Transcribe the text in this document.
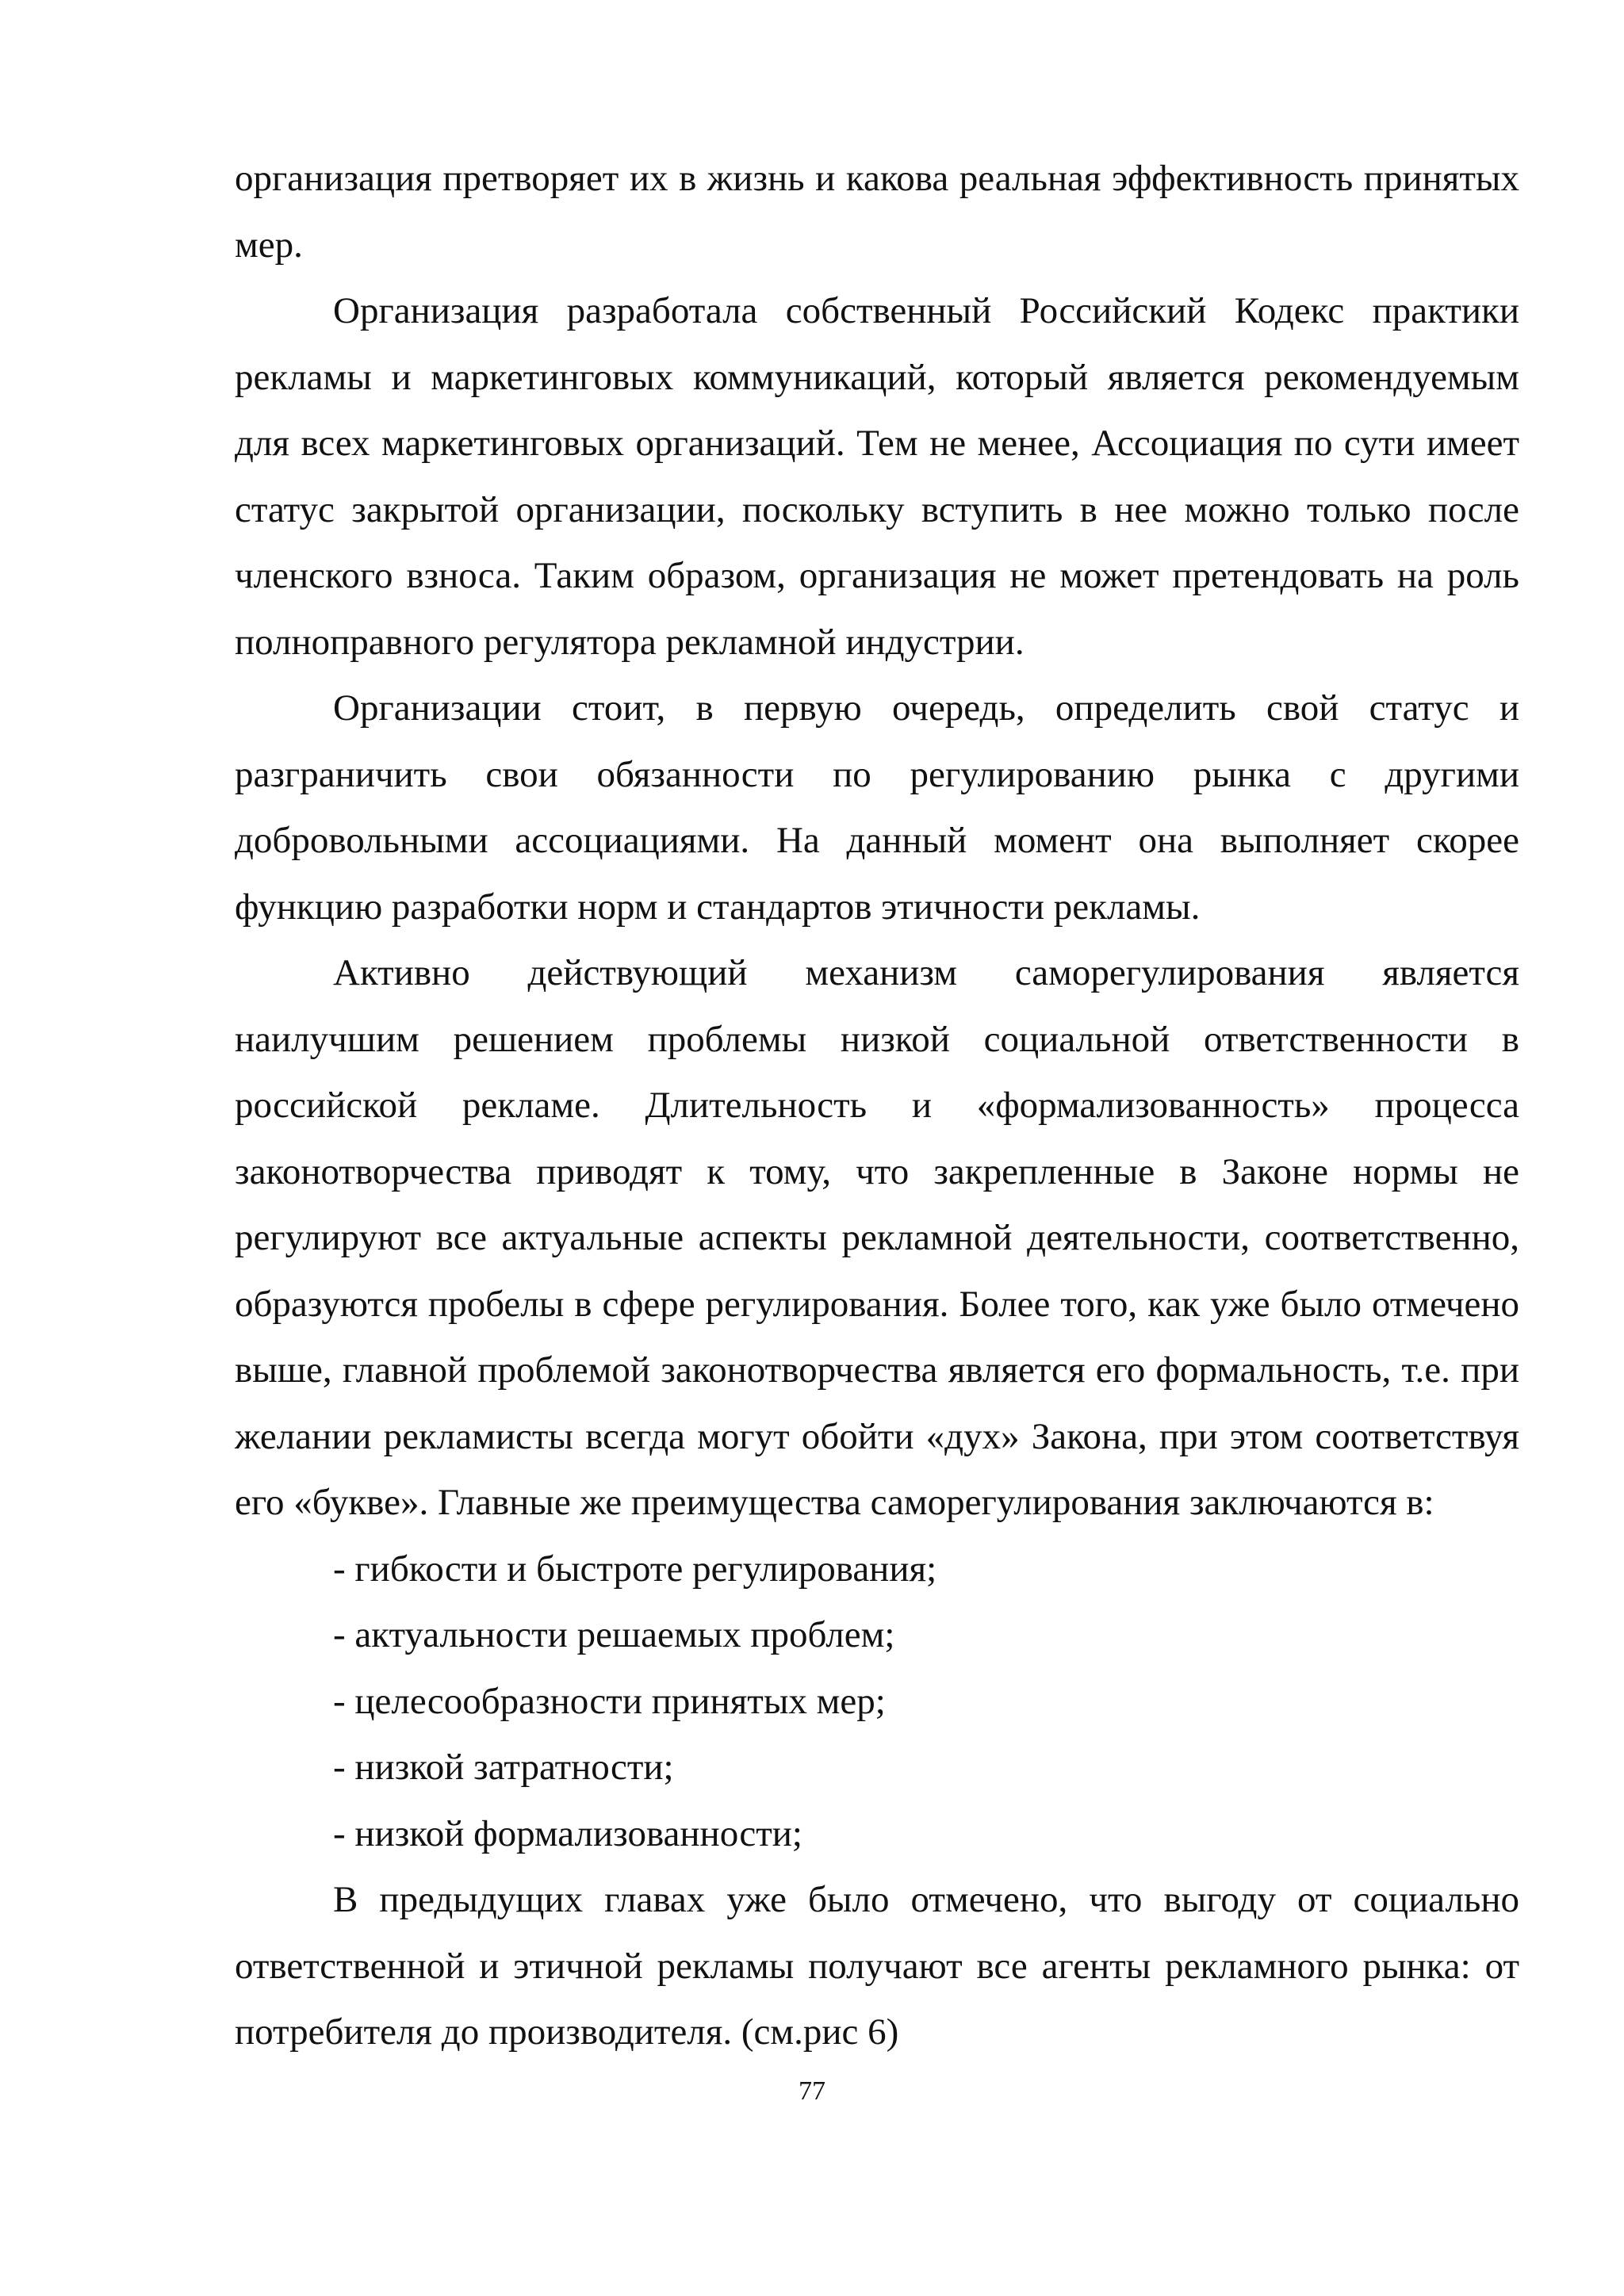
организация претворяет их в жизнь и какова реальная эффективность принятых мер.

Организация разработала собственный Российский Кодекс практики рекламы и маркетинговых коммуникаций, который является рекомендуемым для всех маркетинговых организаций. Тем не менее, Ассоциация по сути имеет статус закрытой организации, поскольку вступить в нее можно только после членского взноса. Таким образом, организация не может претендовать на роль полноправного регулятора рекламной индустрии.

Организации стоит, в первую очередь, определить свой статус и разграничить свои обязанности по регулированию рынка с другими добровольными ассоциациями. На данный момент она выполняет скорее функцию разработки норм и стандартов этичности рекламы.

Активно действующий механизм саморегулирования является наилучшим решением проблемы низкой социальной ответственности в российской рекламе. Длительность и «формализованность» процесса законотворчества приводят к тому, что закрепленные в Законе нормы не регулируют все актуальные аспекты рекламной деятельности, соответственно, образуются пробелы в сфере регулирования. Более того, как уже было отмечено выше, главной проблемой законотворчества является его формальность, т.е. при желании рекламисты всегда могут обойти «дух» Закона, при этом соответствуя его «букве». Главные же преимущества саморегулирования заключаются в:

- гибкости и быстроте регулирования;

- актуальности решаемых проблем;

- целесообразности принятых мер;

- низкой затратности;

- низкой формализованности;

В предыдущих главах уже было отмечено, что выгоду от социально ответственной и этичной рекламы получают все агенты рекламного рынка: от потребителя до производителя. (см.рис 6)

77
